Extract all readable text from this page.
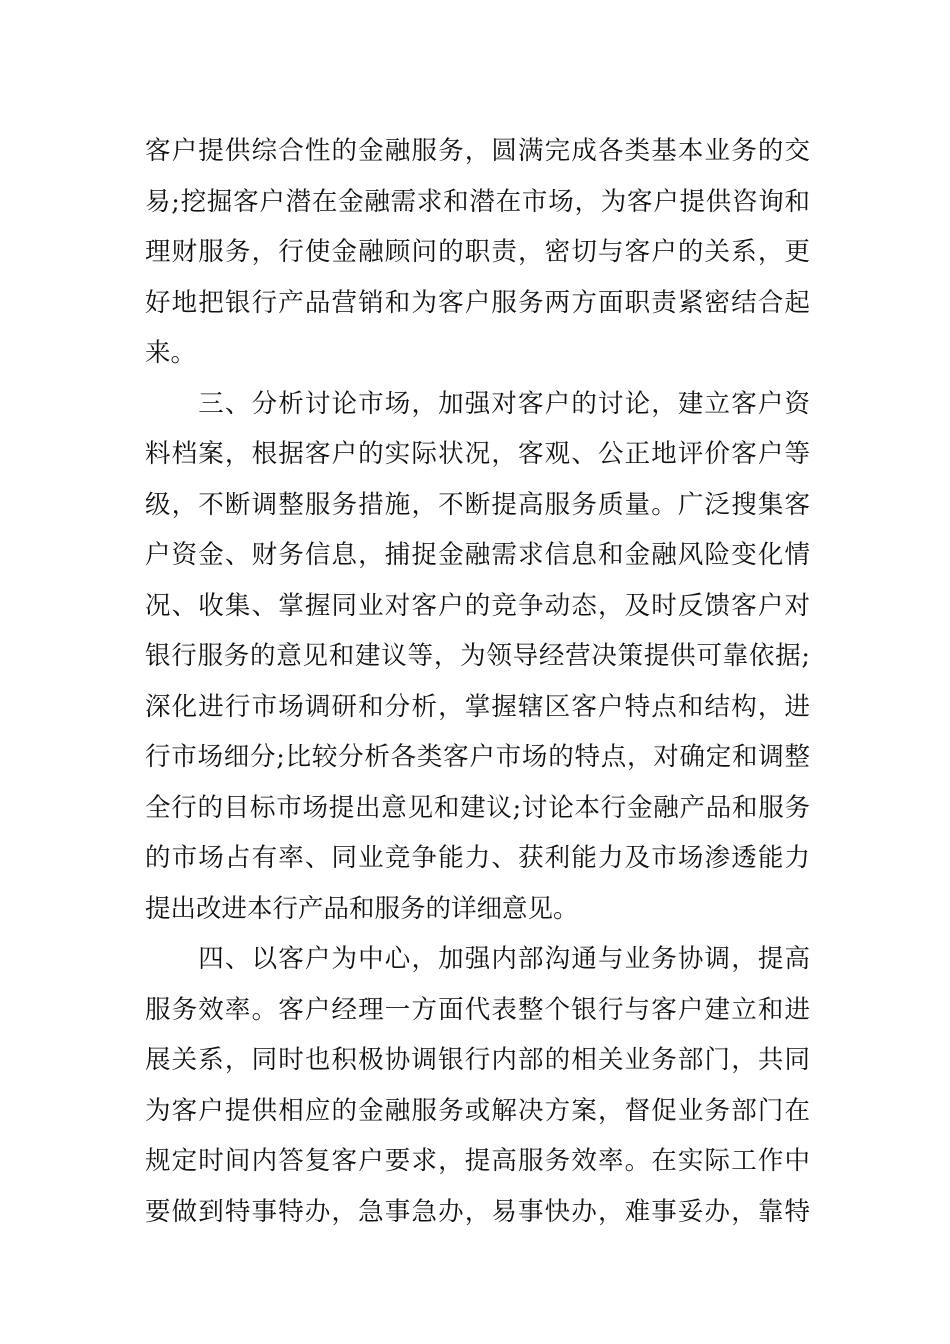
客户提供综合性的金融服务，圆满完成各类基本业务的交
易;挖掘客户潜在金融需求和潜在市场，为客户提供咨询和
理财服务，行使金融顾问的职责，密切与客户的关系，更
好地把银行产品营销和为客户服务两方面职责紧密结合起
来。
　　三、分析讨论市场，加强对客户的讨论，建立客户资
料档案，根据客户的实际状况，客观、公正地评价客户等
级，不断调整服务措施，不断提高服务质量。广泛搜集客
户资金、财务信息，捕捉金融需求信息和金融风险变化情
况、收集、掌握同业对客户的竞争动态，及时反馈客户对
银行服务的意见和建议等，为领导经营决策提供可靠依据;
深化进行市场调研和分析，掌握辖区客户特点和结构，进
行市场细分;比较分析各类客户市场的特点，对确定和调整
全行的目标市场提出意见和建议;讨论本行金融产品和服务
的市场占有率、同业竞争能力、获利能力及市场渗透能力
提出改进本行产品和服务的详细意见。
　　四、以客户为中心，加强内部沟通与业务协调，提高
服务效率。客户经理一方面代表整个银行与客户建立和进
展关系，同时也积极协调银行内部的相关业务部门，共同
为客户提供相应的金融服务或解决方案，督促业务部门在
规定时间内答复客户要求，提高服务效率。在实际工作中
要做到特事特办，急事急办，易事快办，难事妥办，靠特
